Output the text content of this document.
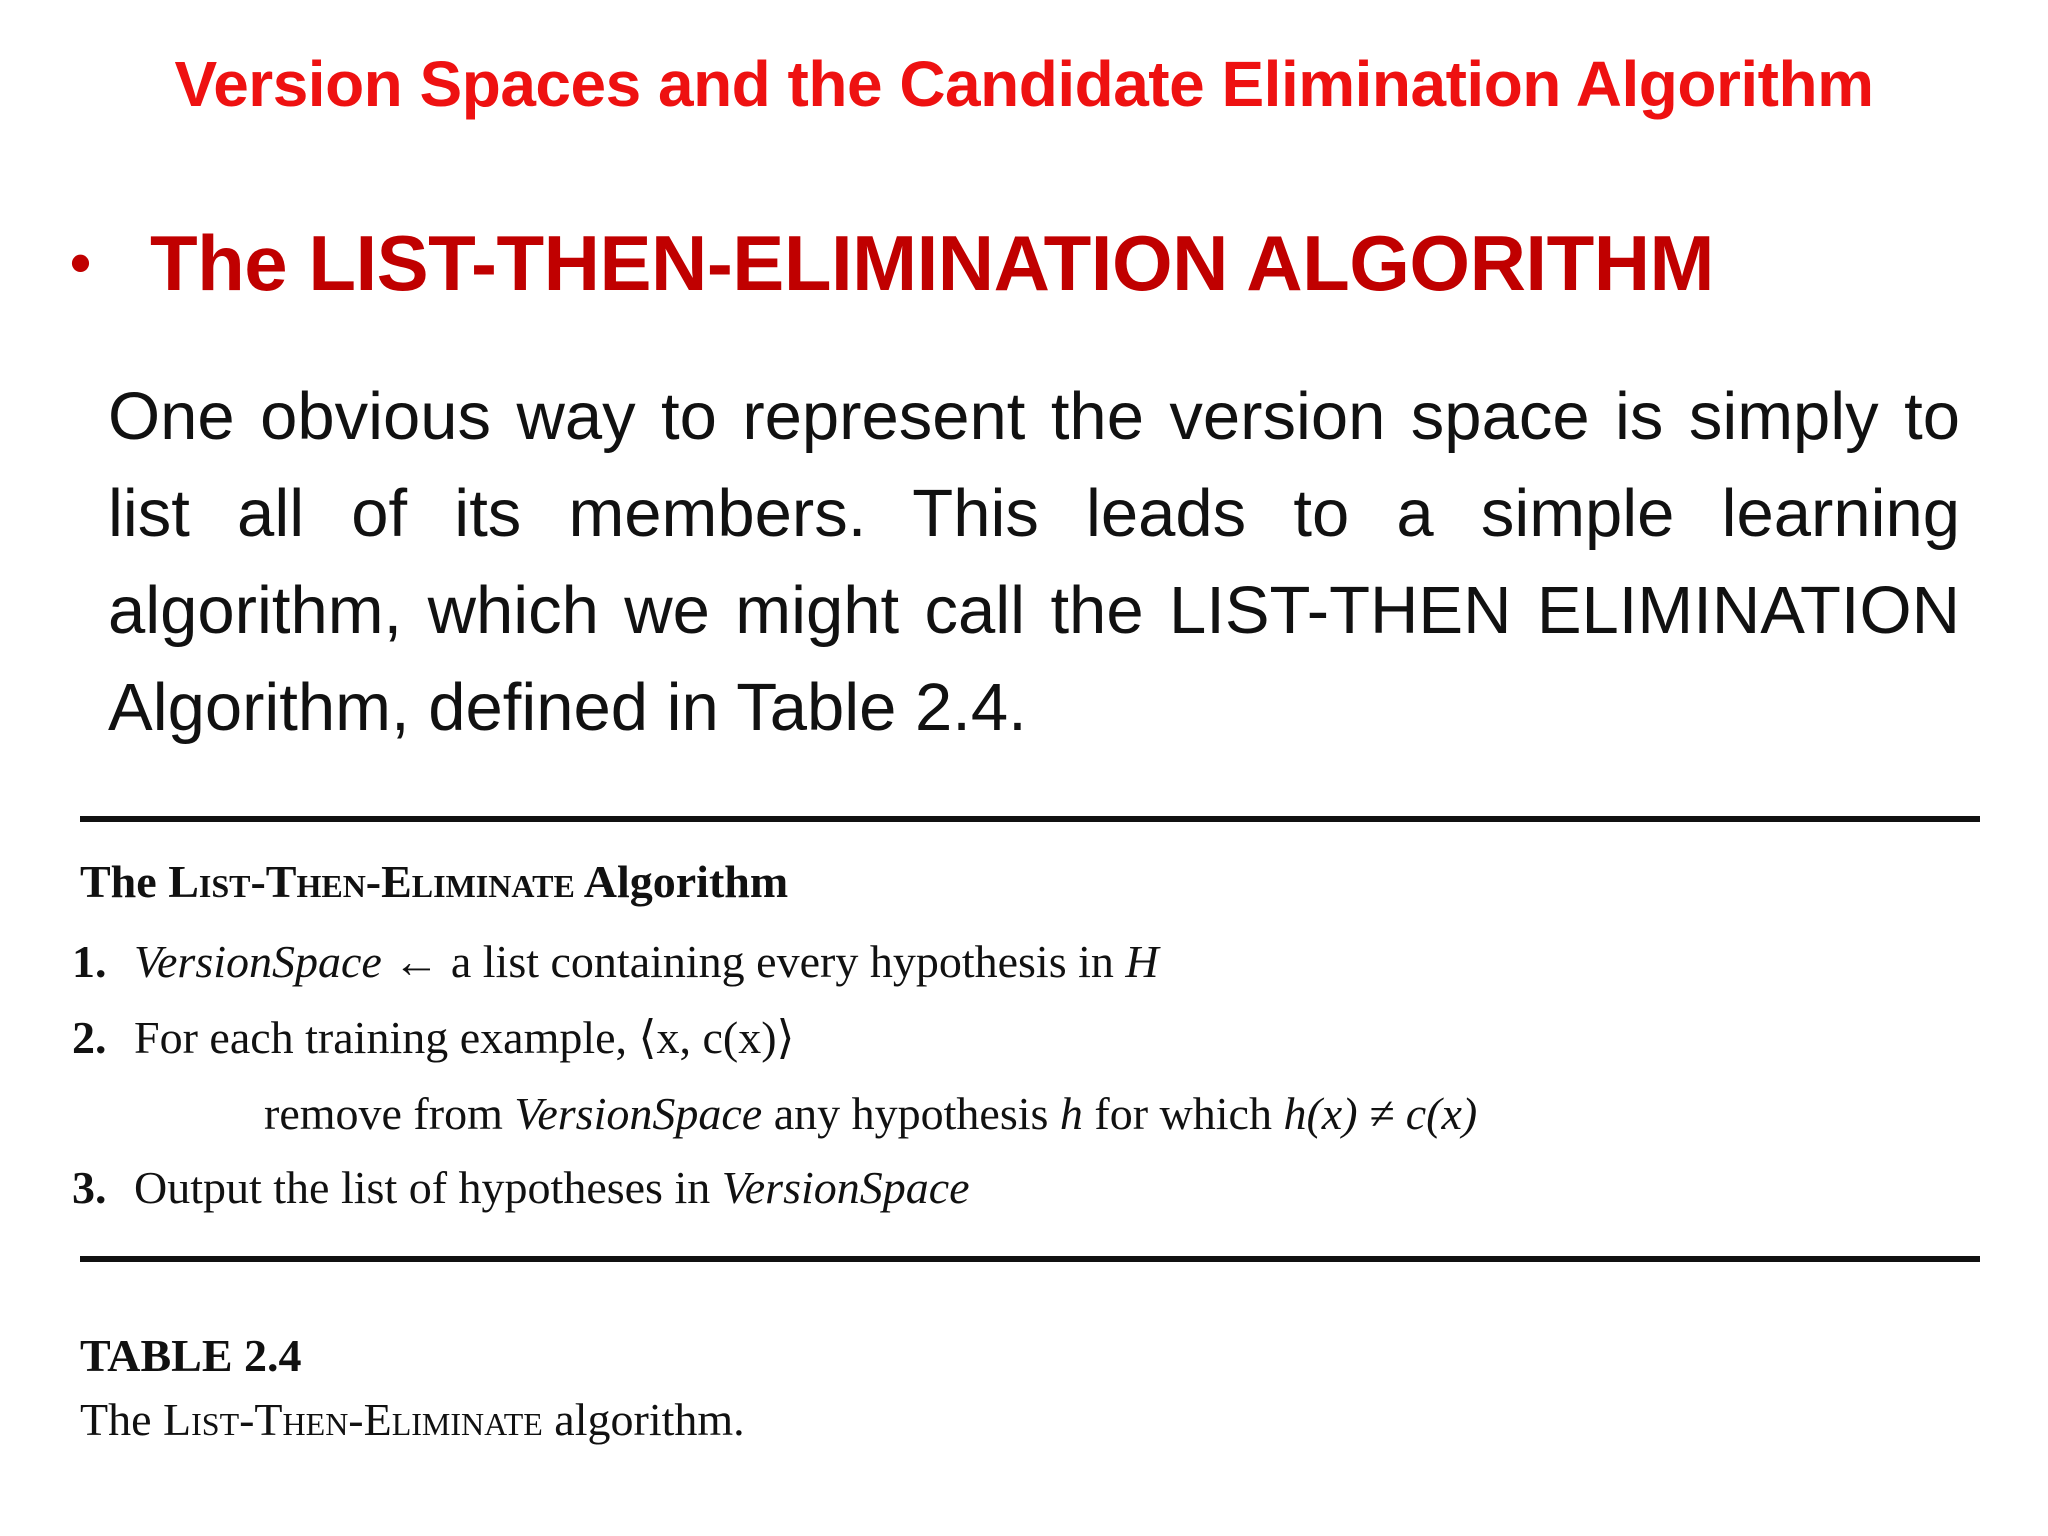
Version Spaces and the Candidate Elimination Algorithm
• The LIST-THEN-ELIMINATION ALGORITHM

One obvious way to represent the version space is simply to list all of its members. This leads to a simple learning algorithm, which we might call the LIST-THEN ELIMINATION Algorithm, defined in Table 2.4.

The List-Then-Eliminate Algorithm
1. VersionSpace ← a list containing every hypothesis in H
2. For each training example, ⟨x, c(x)⟩
remove from VersionSpace any hypothesis h for which h(x) ≠ c(x)
3. Output the list of hypotheses in VersionSpace
TABLE 2.4
The List-Then-Eliminate algorithm.
